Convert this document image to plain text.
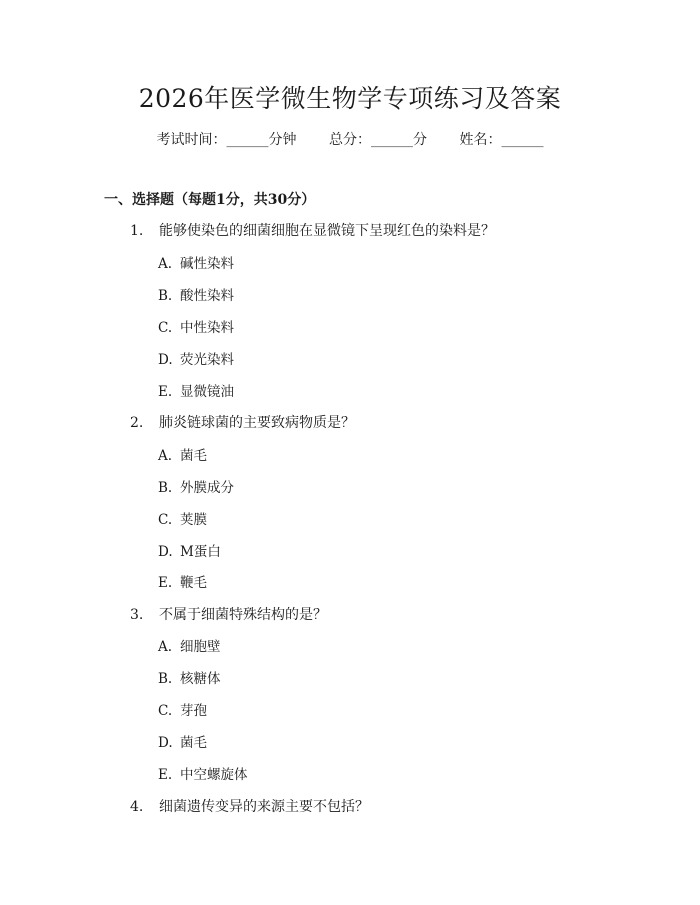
2026年医学微生物学专项练习及答案
考试时间：______分钟 总分：______分 姓名：______
一、选择题（每题1分，共30分）
1. 能够使染色的细菌细胞在显微镜下呈现红色的染料是？
A. 碱性染料
B. 酸性染料
C. 中性染料
D. 荧光染料
E. 显微镜油
2. 肺炎链球菌的主要致病物质是？
A. 菌毛
B. 外膜成分
C. 荚膜
D. M蛋白
E. 鞭毛
3. 不属于细菌特殊结构的是？
A. 细胞壁
B. 核糖体
C. 芽孢
D. 菌毛
E. 中空螺旋体
4. 细菌遗传变异的来源主要不包括？
